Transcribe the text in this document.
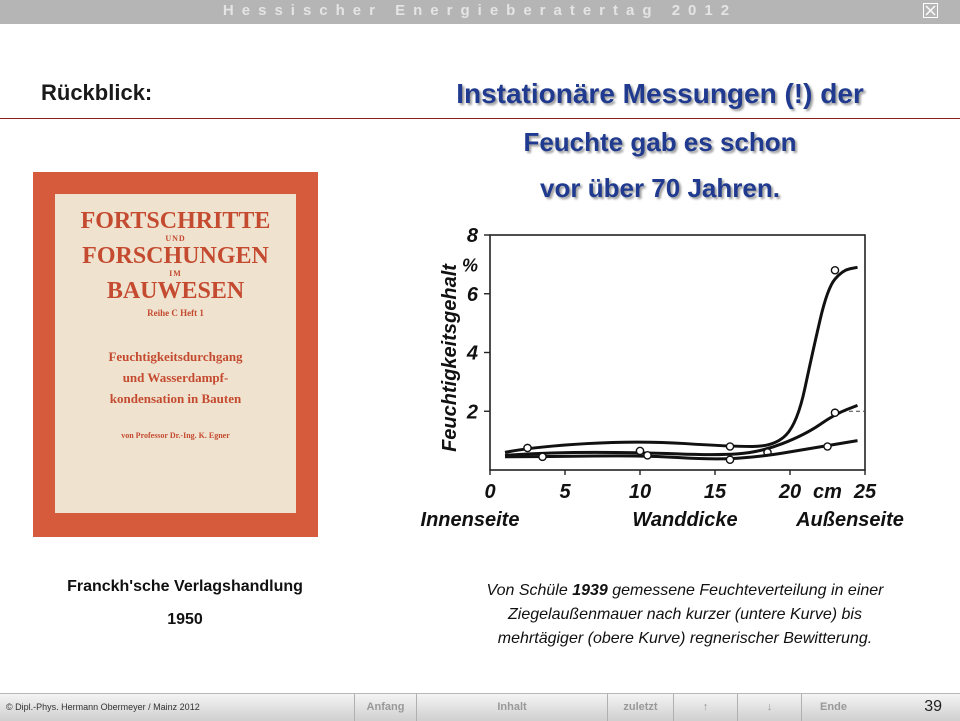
Hessischer Energieberatertag 2012
Rückblick:	Instationäre Messungen (!) der
Feuchte gab es schon
vor über 70 Jahren.
FORTSCHRITTE
UND
FORSCHUNGEN
IM
BAUWESEN
Reihe C Heft 1
Feuchtigkeitsdurchgang
und Wasserdampf-
kondensation in Bauten
von Professor Dr.-Ing. K. Egner
Franckh'sche Verlagshandlung
1950
2
4
6
8
%
0	5	10	15	20	25
cm
Feuchtigkeitsgehalt
Innenseite	Wanddicke	Außenseite
Von Schüle 1939 gemessene Feuchteverteilung in einer
Ziegelaußenmauer nach kurzer (untere Kurve) bis
mehrtägiger (obere Kurve) regnerischer Bewitterung.
© Dipl.-Phys. Hermann Obermeyer / Mainz 2012	Anfang	Inhalt	zuletzt	↑	↓	Ende	39
